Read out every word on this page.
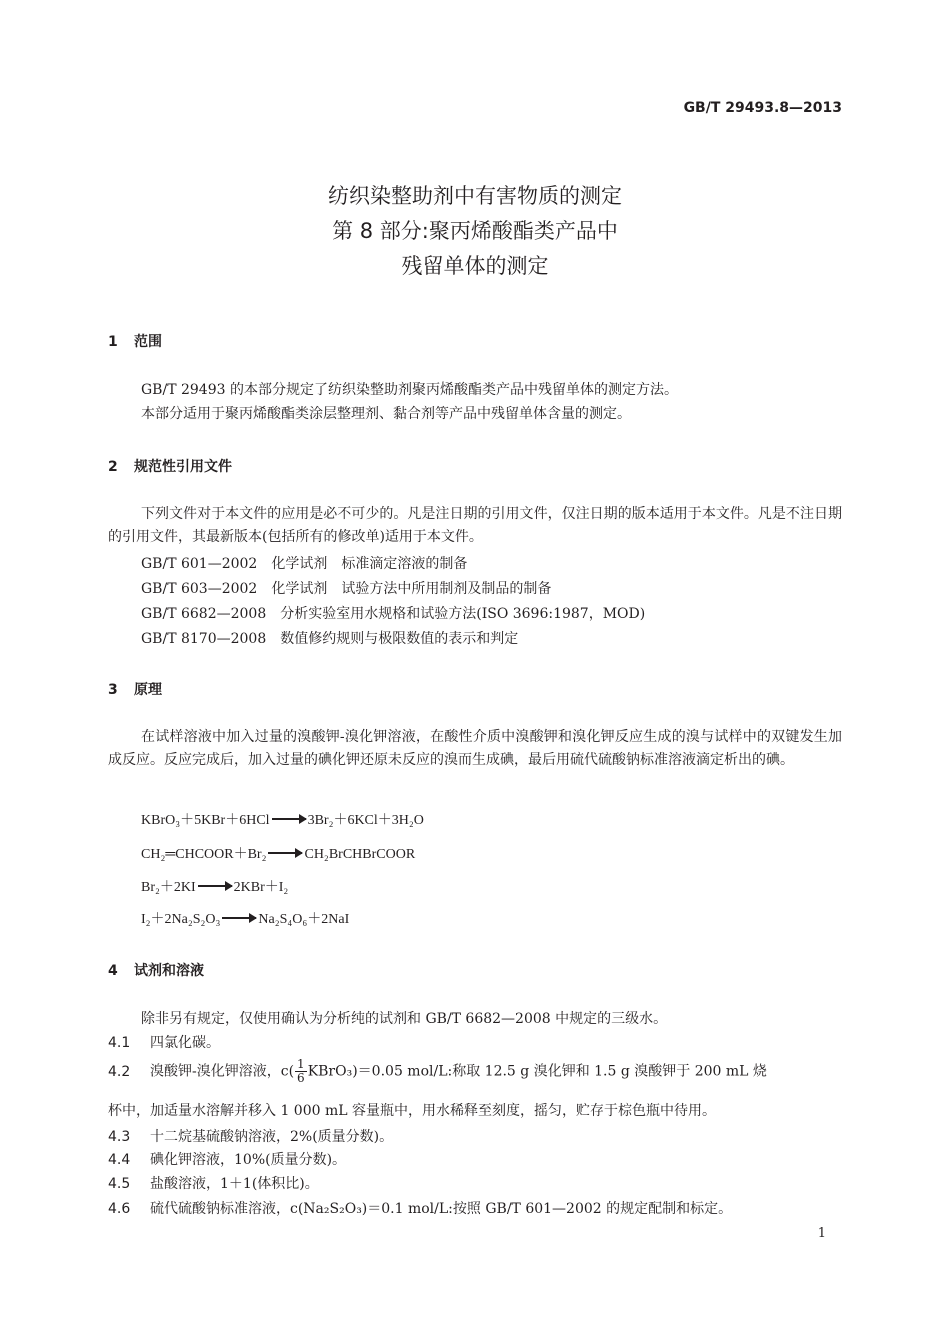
GB/T 29493.8—2013
纺织染整助剂中有害物质的测定
第 8 部分:聚丙烯酸酯类产品中
残留单体的测定
1 范围
GB/T 29493 的本部分规定了纺织染整助剂聚丙烯酸酯类产品中残留单体的测定方法。
本部分适用于聚丙烯酸酯类涂层整理剂、黏合剂等产品中残留单体含量的测定。
2 规范性引用文件
下列文件对于本文件的应用是必不可少的。凡是注日期的引用文件，仅注日期的版本适用于本文件。凡是不注日期的引用文件，其最新版本(包括所有的修改单)适用于本文件。
GB/T 601—2002　化学试剂　标准滴定溶液的制备
GB/T 603—2002　化学试剂　试验方法中所用制剂及制品的制备
GB/T 6682—2008　分析实验室用水规格和试验方法(ISO 3696:1987，MOD)
GB/T 8170—2008　数值修约规则与极限数值的表示和判定
3 原理
在试样溶液中加入过量的溴酸钾-溴化钾溶液，在酸性介质中溴酸钾和溴化钾反应生成的溴与试样中的双键发生加成反应。反应完成后，加入过量的碘化钾还原未反应的溴而生成碘，最后用硫代硫酸钠标准溶液滴定析出的碘。
KBrO₃＋5KBr＋6HCl → 3Br₂＋6KCl＋3H₂O
CH₂═CHCOOR＋Br₂ → CH₂BrCHBrCOOR
Br₂＋2KI → 2KBr＋I₂
I₂＋2Na₂S₂O₃ → Na₂S₄O₆＋2NaI
4 试剂和溶液
除非另有规定，仅使用确认为分析纯的试剂和 GB/T 6682—2008 中规定的三级水。
4.1 四氯化碳。
4.2 溴酸钾-溴化钾溶液，$c( \frac{1}{6}$ KBrO₃)＝0.05 mol/L:称取 12.5 g 溴化钾和 1.5 g 溴酸钾于 200 mL 烧
杯中，加适量水溶解并移入 1 000 mL 容量瓶中，用水稀释至刻度，摇匀，贮存于棕色瓶中待用。
4.3 十二烷基硫酸钠溶液，2%(质量分数)。
4.4 碘化钾溶液，10%(质量分数)。
4.5 盐酸溶液，1＋1(体积比)。
4.6 硫代硫酸钠标准溶液，c(Na₂S₂O₃)＝0.1 mol/L:按照 GB/T 601—2002 的规定配制和标定。
1
